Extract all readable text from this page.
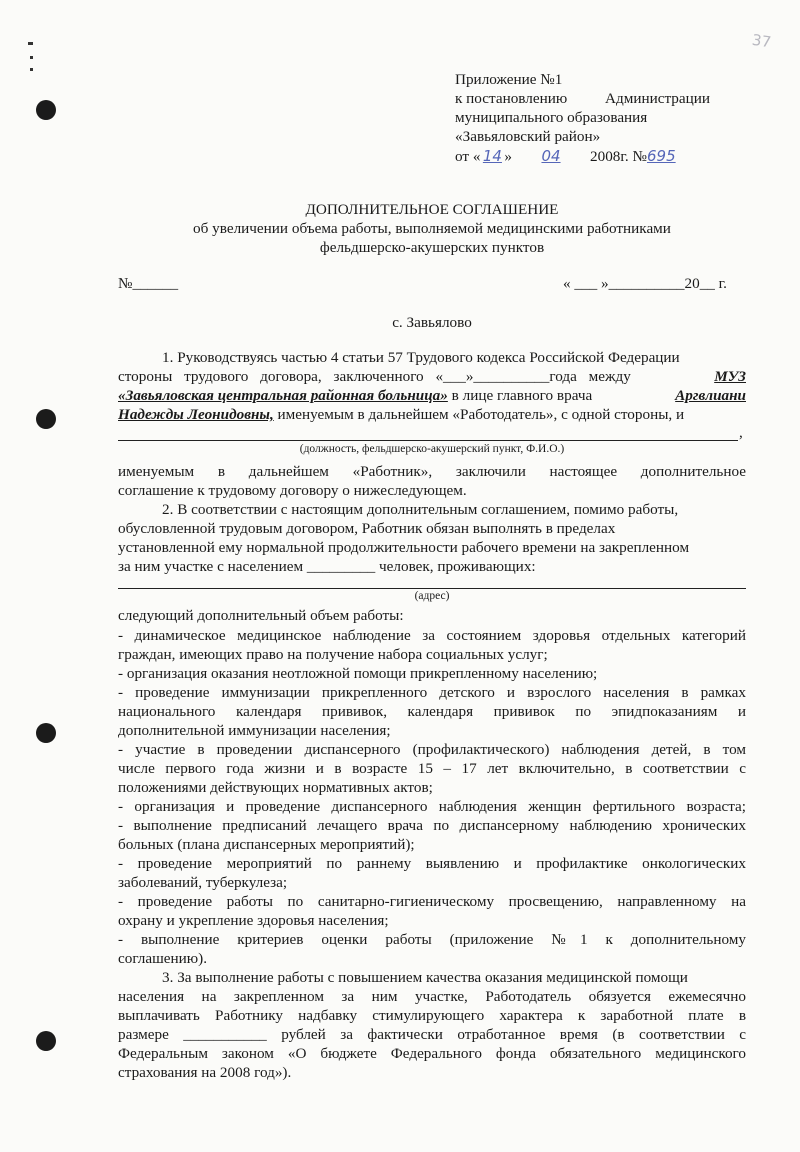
37
Приложение №1
к постановлению Администрации
муниципального образования
«Завьяловский район»
от « 14 » 04 2008г. №695
ДОПОЛНИТЕЛЬНОЕ СОГЛАШЕНИЕ
об увеличении объема работы, выполняемой медицинскими работниками
фельдшерско-акушерских пунктов
№______	« ___ »__________20__ г.
с. Завьялово
1. Руководствуясь частью 4 статьи 57 Трудового кодекса Российской Федерации
стороны трудового договора, заключенного «___»__________года между	МУЗ
«Завьяловская центральная районная больница» в лице главного врача	Аргвлиани
Надежды Леонидовны, именуемым в дальнейшем «Работодатель», с одной стороны, и
,
(должность, фельдшерско-акушерский пункт, Ф.И.О.)
именуемым в дальнейшем «Работник», заключили настоящее дополнительное
соглашение к трудовому договору о нижеследующем.
2. В соответствии с настоящим дополнительным соглашением, помимо работы,
обусловленной трудовым договором, Работник обязан выполнять в пределах
установленной ему нормальной продолжительности рабочего времени на закрепленном
за ним участке с населением _________ человек, проживающих:
(адрес)
следующий дополнительный объем работы:
- динамическое медицинское наблюдение за состоянием здоровья отдельных категорий
граждан, имеющих право на получение набора социальных услуг;
- организация оказания неотложной помощи прикрепленному населению;
- проведение иммунизации прикрепленного детского и взрослого населения в рамках
национального календаря прививок, календаря прививок по эпидпоказаниям и
дополнительной иммунизации населения;
- участие в проведении диспансерного (профилактического) наблюдения детей, в том
числе первого года жизни и в возрасте 15 – 17 лет включительно, в соответствии с
положениями действующих нормативных актов;
- организация и проведение диспансерного наблюдения женщин фертильного возраста;
- выполнение предписаний лечащего врача по диспансерному наблюдению хронических
больных (плана диспансерных мероприятий);
- проведение мероприятий по раннему выявлению и профилактике онкологических
заболеваний, туберкулеза;
- проведение работы по санитарно-гигиеническому просвещению, направленному на
охрану и укрепление здоровья населения;
- выполнение критериев оценки работы (приложение №1 к дополнительному
соглашению).
3. За выполнение работы с повышением качества оказания медицинской помощи
населения на закрепленном за ним участке, Работодатель обязуется ежемесячно
выплачивать Работнику надбавку стимулирующего характера к заработной плате в
размере ___________ рублей за фактически отработанное время (в соответствии с
Федеральным законом «О бюджете Федерального фонда обязательного медицинского
страхования на 2008 год»).
